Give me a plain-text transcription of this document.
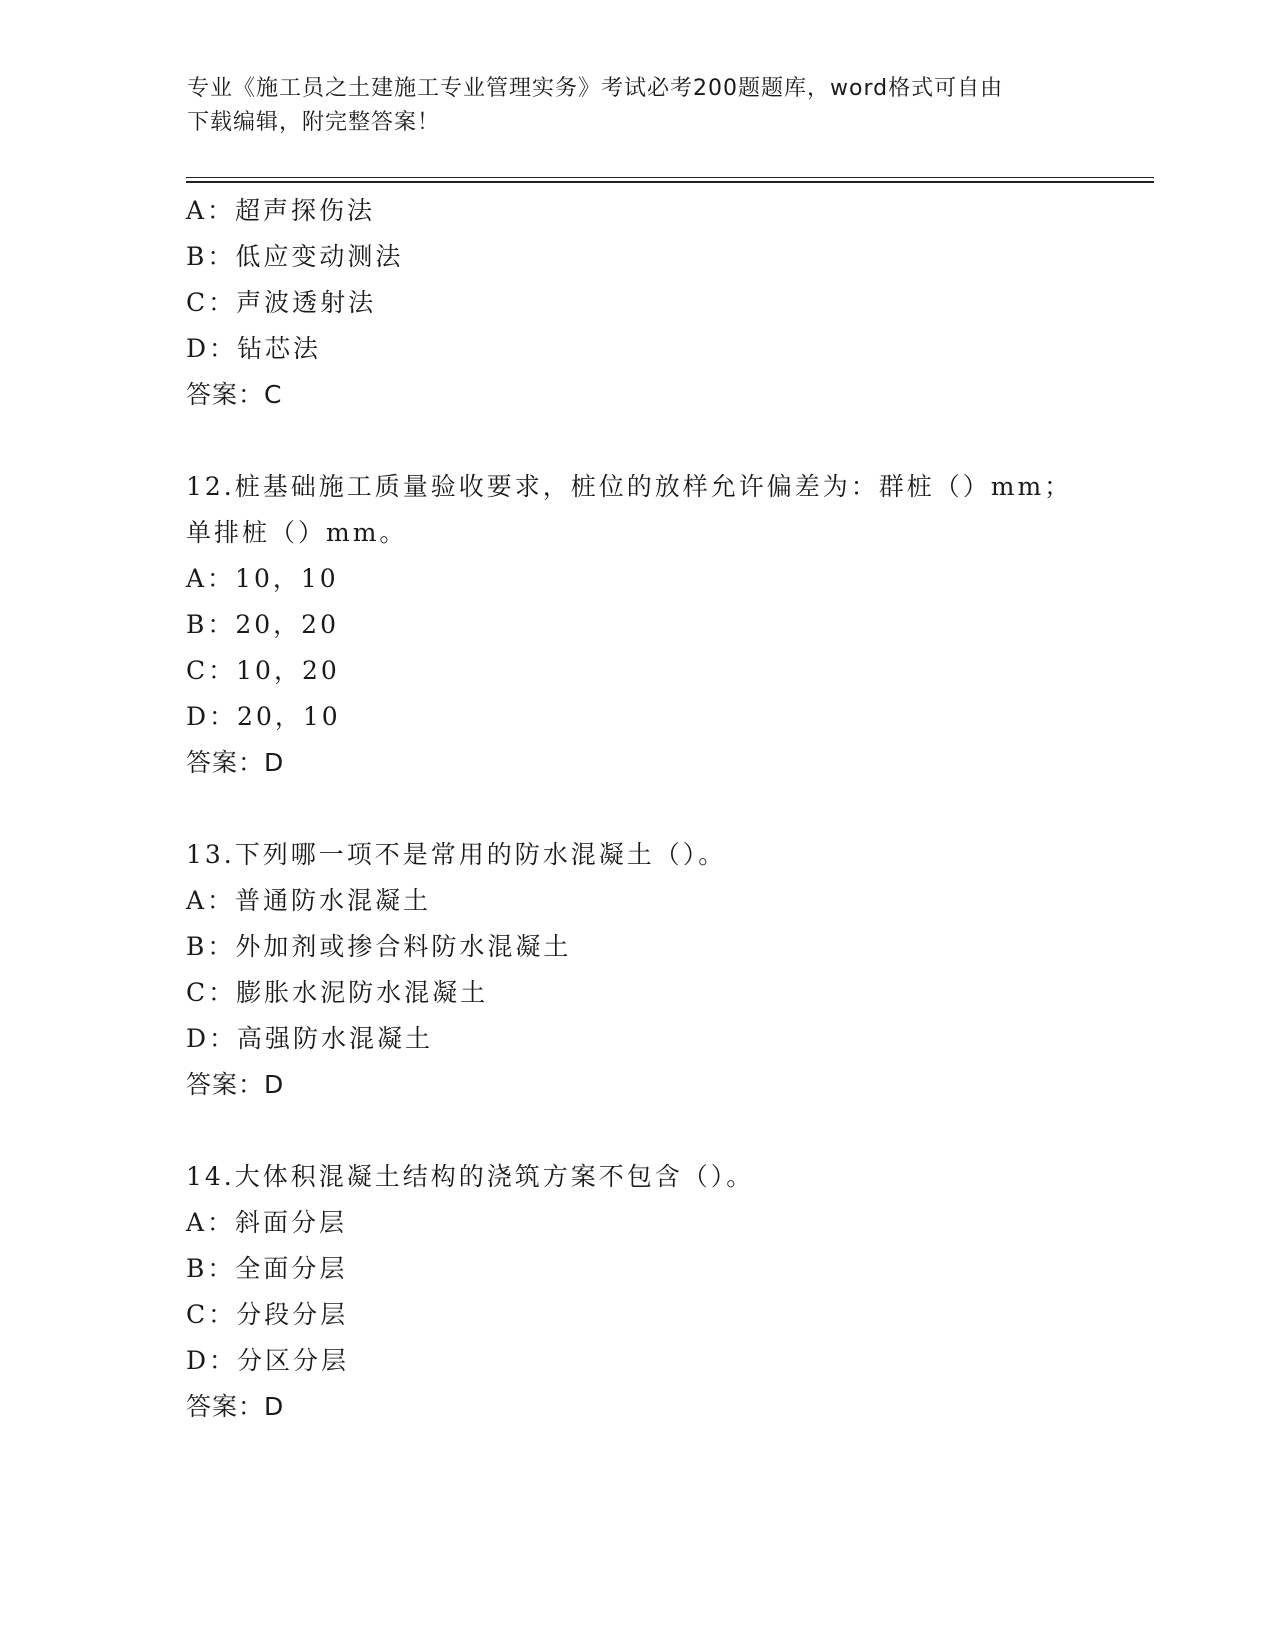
专业《施工员之土建施工专业管理实务》考试必考200题题库，word格式可自由
下载编辑，附完整答案！
A：超声探伤法
B：低应变动测法
C：声波透射法
D：钻芯法
答案：C
12.桩基础施工质量验收要求，桩位的放样允许偏差为：群桩（）mm；
单排桩（）mm。
A：10，10
B：20，20
C：10，20
D：20，10
答案：D
13.下列哪一项不是常用的防水混凝土（）。
A：普通防水混凝土
B：外加剂或掺合料防水混凝土
C：膨胀水泥防水混凝土
D：高强防水混凝土
答案：D
14.大体积混凝土结构的浇筑方案不包含（）。
A：斜面分层
B：全面分层
C：分段分层
D：分区分层
答案：D
